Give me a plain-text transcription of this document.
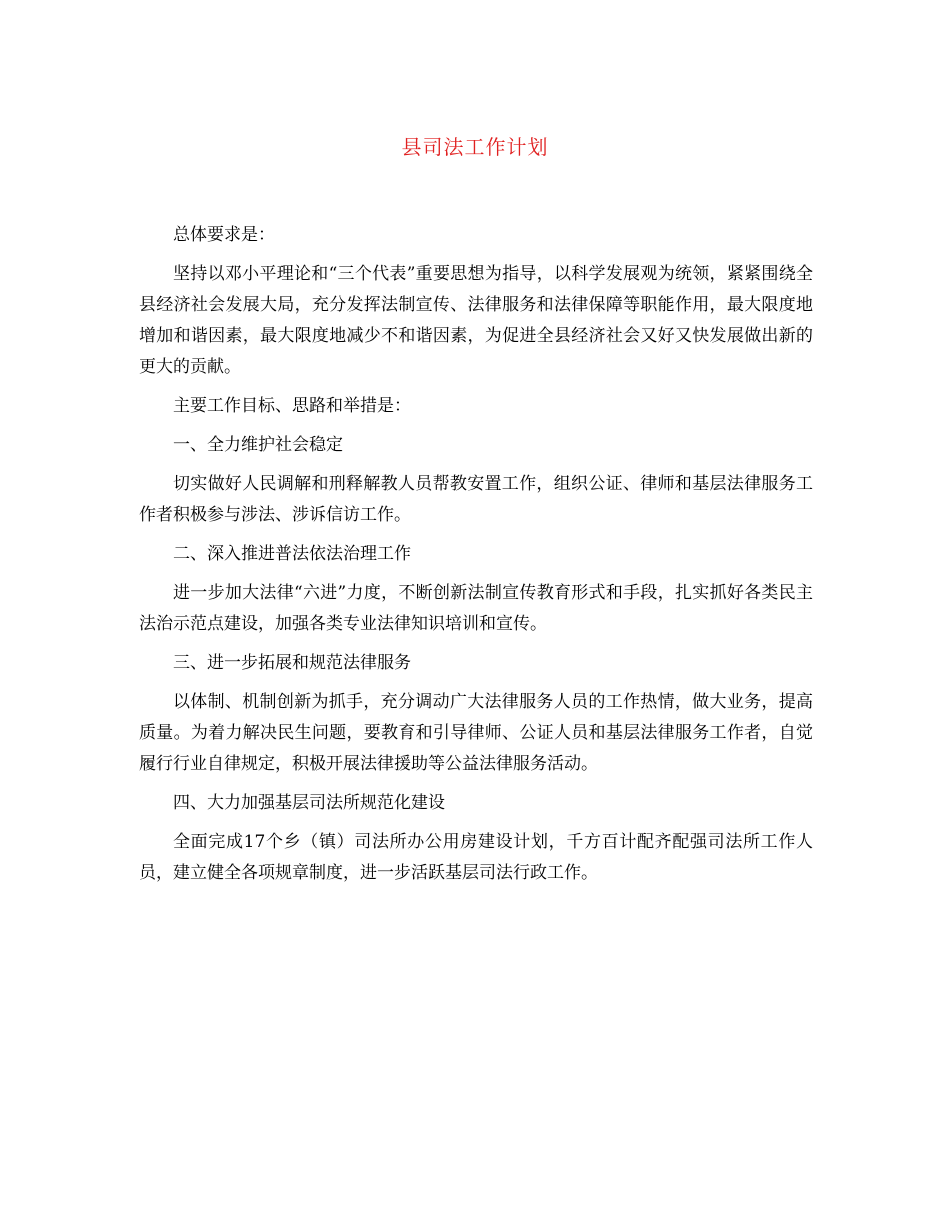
县司法工作计划

总体要求是：

坚持以邓小平理论和“三个代表”重要思想为指导，以科学发展观为统领，紧紧围绕全县经济社会发展大局，充分发挥法制宣传、法律服务和法律保障等职能作用，最大限度地增加和谐因素，最大限度地减少不和谐因素，为促进全县经济社会又好又快发展做出新的更大的贡献。

主要工作目标、思路和举措是：

一、全力维护社会稳定

切实做好人民调解和刑释解教人员帮教安置工作，组织公证、律师和基层法律服务工作者积极参与涉法、涉诉信访工作。

二、深入推进普法依法治理工作

进一步加大法律“六进”力度，不断创新法制宣传教育形式和手段，扎实抓好各类民主法治示范点建设，加强各类专业法律知识培训和宣传。

三、进一步拓展和规范法律服务

以体制、机制创新为抓手，充分调动广大法律服务人员的工作热情，做大业务，提高质量。为着力解决民生问题，要教育和引导律师、公证人员和基层法律服务工作者，自觉履行行业自律规定，积极开展法律援助等公益法律服务活动。

四、大力加强基层司法所规范化建设

全面完成17个乡（镇）司法所办公用房建设计划，千方百计配齐配强司法所工作人员，建立健全各项规章制度，进一步活跃基层司法行政工作。
